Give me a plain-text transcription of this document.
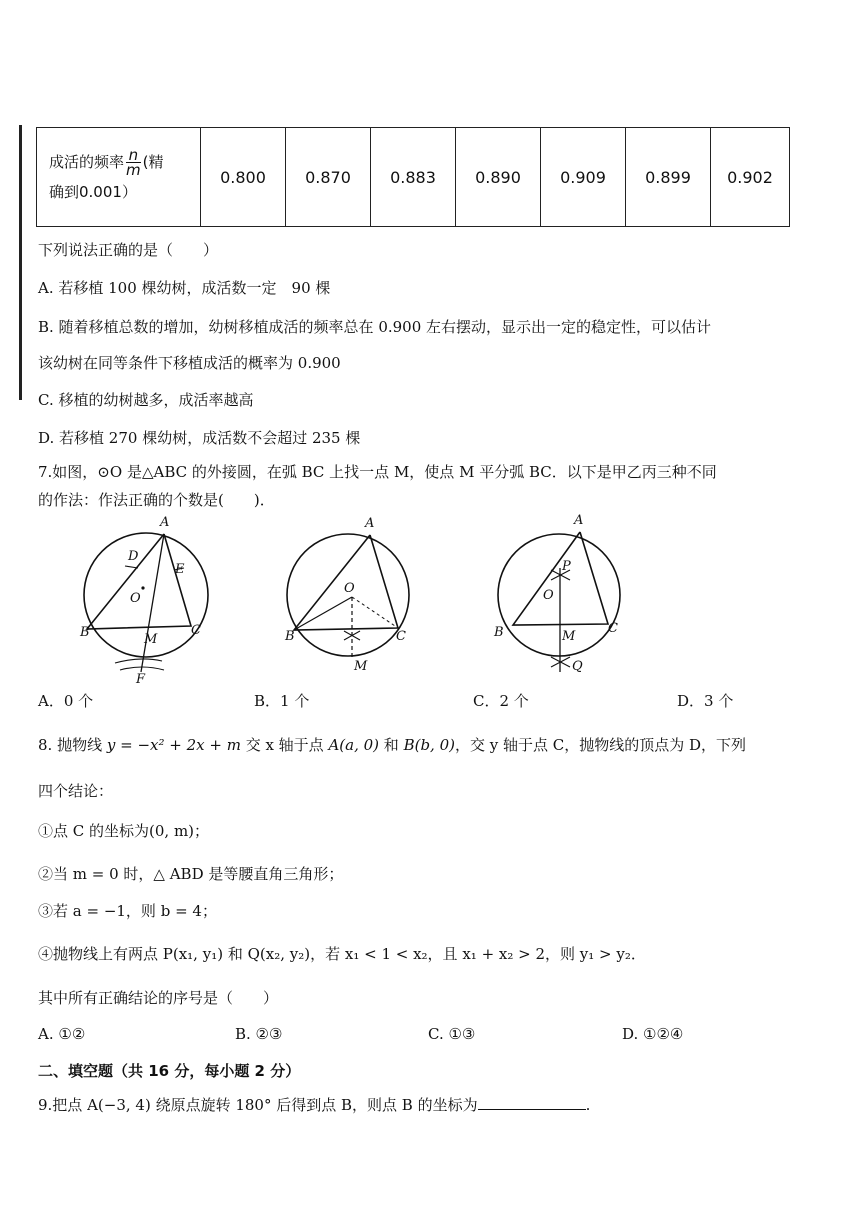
成活的频率 $\frac{n}{m}$ (精
确到0.001）	0.800	0.870	0.883	0.890	0.909	0.899	0.902
下列说法正确的是（　　）
A. 若移植 100 棵幼树，成活数一定　90 棵
B. 随着移植总数的增加，幼树移植成活的频率总在 0.900 左右摆动，显示出一定的稳定性，可以估计
该幼树在同等条件下移植成活的概率为 0.900
C. 移植的幼树越多，成活率越高
D. 若移植 270 棵幼树，成活数不会超过 235 棵
7.如图，⊙O 是△ABC 的外接圆，在弧 BC 上找一点 M，使点 M 平分弧 BC．以下是甲乙丙三种不同
的作法：作法正确的个数是(　　)．
A
D
E
O
B	C
M
F
A
O
B	C
M
A
P
O
B	C
M
Q
A．0 个	B．1 个	C．2 个	D．3 个
8. 抛物线 y = −x² + 2x + m 交 x 轴于点 A(a, 0) 和 B(b, 0)，交 y 轴于点 C，抛物线的顶点为 D，下列
四个结论：
①点 C 的坐标为(0, m)；
②当 m = 0 时，△ ABD 是等腰直角三角形；
③若 a = −1，则 b = 4；
④抛物线上有两点 P(x₁, y₁) 和 Q(x₂, y₂)，若 x₁ < 1 < x₂，且 x₁ + x₂ > 2，则 y₁ > y₂．
其中所有正确结论的序号是（　　）
A. ①②	B. ②③	C. ①③	D. ①②④
二、填空题（共 16 分，每小题 2 分）
9.把点 A(−3, 4) 绕原点旋转 180° 后得到点 B，则点 B 的坐标为	.
